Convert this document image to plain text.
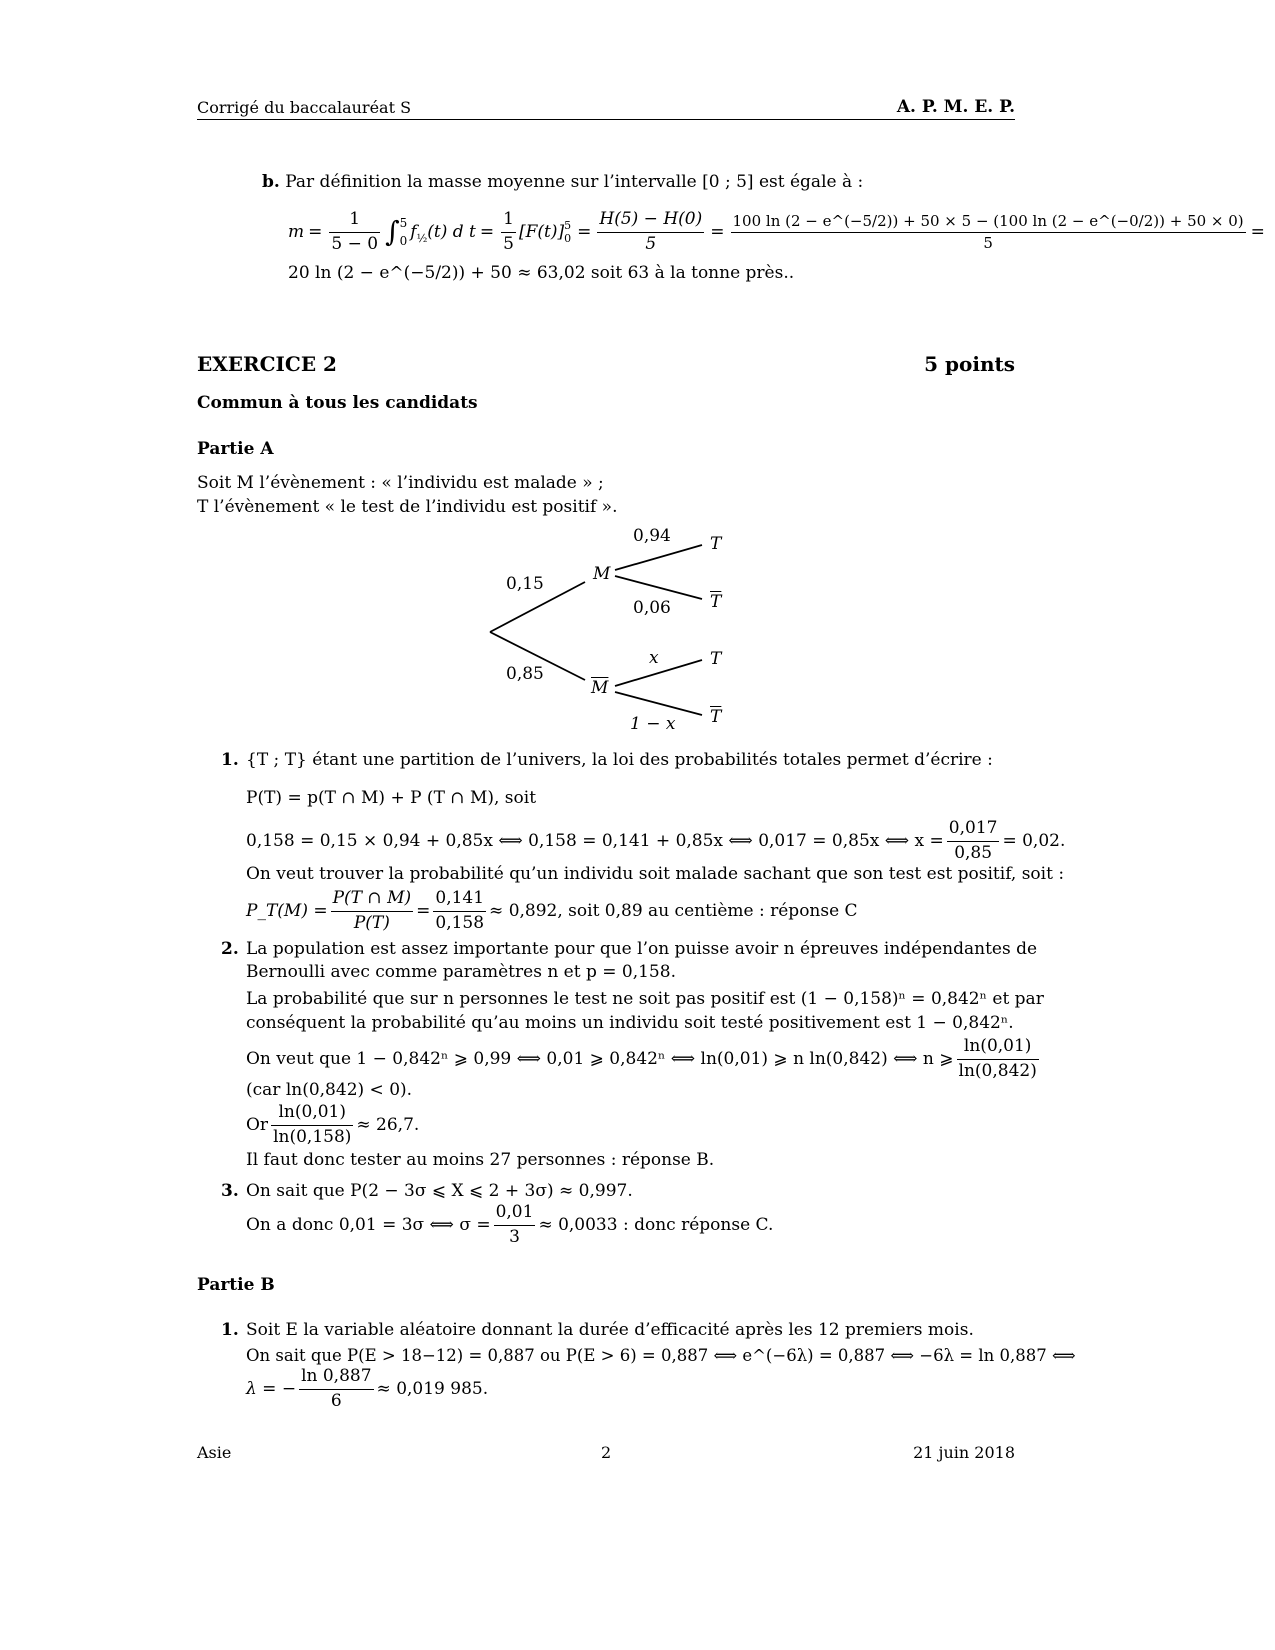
Corrigé du baccalauréat S	A. P. M. E. P.
b. Par définition la masse moyenne sur l’intervalle [0 ; 5] est égale à :
$m = \frac{1}{5 - 0}$ ∫ 5
0 f ½ (t) d $t = \frac{1}{5} [F(t)]$ 5
$0 = \frac{H(5) - H(0)}{5}$ =
100 ln (2 − e^(−5/2)) + 50 × 5 − (100 ln (2 − e^(−0/2)) + 50 × 0)
5
=
20 ln (2 − e^(−5/2)) + 50 ≈ 63,02 soit 63 à la tonne près..
EXERCICE 2	5 points
Commun à tous les candidats
Partie A
Soit M l’évènement : « l’individu est malade » ;
T l’évènement « le test de l’individu est positif ».
0,15
0,85
M
$\overline{M}$
0,94
0,06
x
1 − x
T
$\overline{T}$
T
$\overline{T}$
1. {T ; T} étant une partition de l’univers, la loi des probabilités totales permet d’écrire :
P(T) = p(T ∩ M) + P (T ∩ M), soit
0,158 = 0,15 × 0,94 + 0,85x ⟺ 0,158 = 0,141 + 0,85x ⟺ 0,017 = 0,85x ⟺ $x = \frac{0,017}{0,85} = 0,02$.
On veut trouver la probabilité qu’un individu soit malade sachant que son test est positif, soit :
P_T(M) = $\frac{P(T \cap M)}{P(T)} = \frac{0,141}{0,158} \approx 0,892$, soit 0,89 au centième : réponse C
2. La population est assez importante pour que l’on puisse avoir n épreuves indépendantes de
Bernoulli avec comme paramètres n et p = 0,158.
La probabilité que sur n personnes le test ne soit pas positif est (1 − 0,158)ⁿ = 0,842ⁿ et par
conséquent la probabilité qu’au moins un individu soit testé positivement est 1 − 0,842ⁿ.
On veut que 1 − 0,842ⁿ ⩾ 0,99 ⟺ 0,01 ⩾ 0,842ⁿ ⟺ ln(0,01) ⩾ n ln(0,842) ⟺ n ⩾ $\frac{\ln(0,01)}{\ln(0,842)}$
(car ln(0,842) < 0).
Or $\frac{\ln(0,01)}{\ln(0,158)} \approx 26,7$.
Il faut donc tester au moins 27 personnes : réponse B.
3. On sait que P(2 − 3σ ⩽ X ⩽ 2 + 3σ) ≈ 0,997.
On a donc 0,01 = 3σ ⟺ $\sigma = \frac{0,01}{3} \approx 0,0033$ : donc réponse C.
Partie B
1. Soit E la variable aléatoire donnant la durée d’efficacité après les 12 premiers mois.
On sait que P(E > 18−12) = 0,887 ou P(E > 6) = 0,887 ⟺ e^(−6λ) = 0,887 ⟺ −6λ = ln 0,887 ⟺
λ = − $\frac{\ln 0,887}{6} \approx 0,019$ 985.
Asie	2	21 juin 2018
